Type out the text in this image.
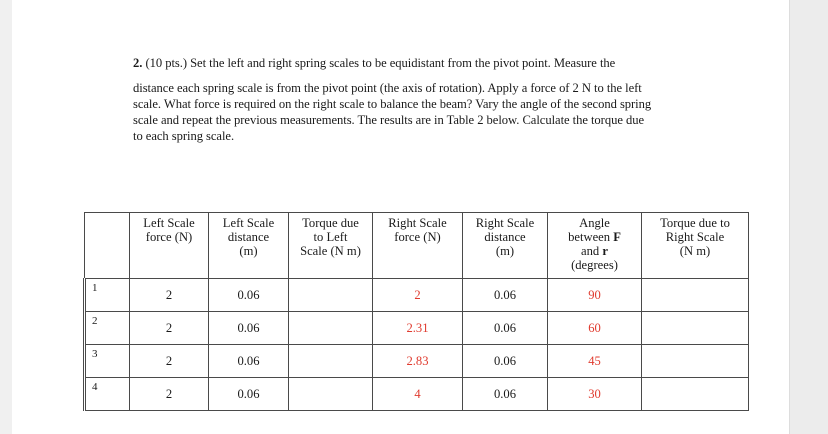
2. (10 pts.) Set the left and right spring scales to be equidistant from the pivot point. Measure the
distance each spring scale is from the pivot point (the axis of rotation). Apply a force of 2 N to the left
scale. What force is required on the right scale to balance the beam? Vary the angle of the second spring
scale and repeat the previous measurements. The results are in Table 2 below. Calculate the torque due
to each spring scale.

	Left Scale
force (N)	Left Scale
distance
(m)	Torque due
to Left
Scale (N m)	Right Scale
force (N)	Right Scale
distance
(m)	Angle
between F
and r
(degrees)	Torque due to
Right Scale
(N m)

1	2	0.06		2	0.06	90	
2	2	0.06		2.31	0.06	60	
3	2	0.06		2.83	0.06	45	
4	2	0.06		4	0.06	30	
